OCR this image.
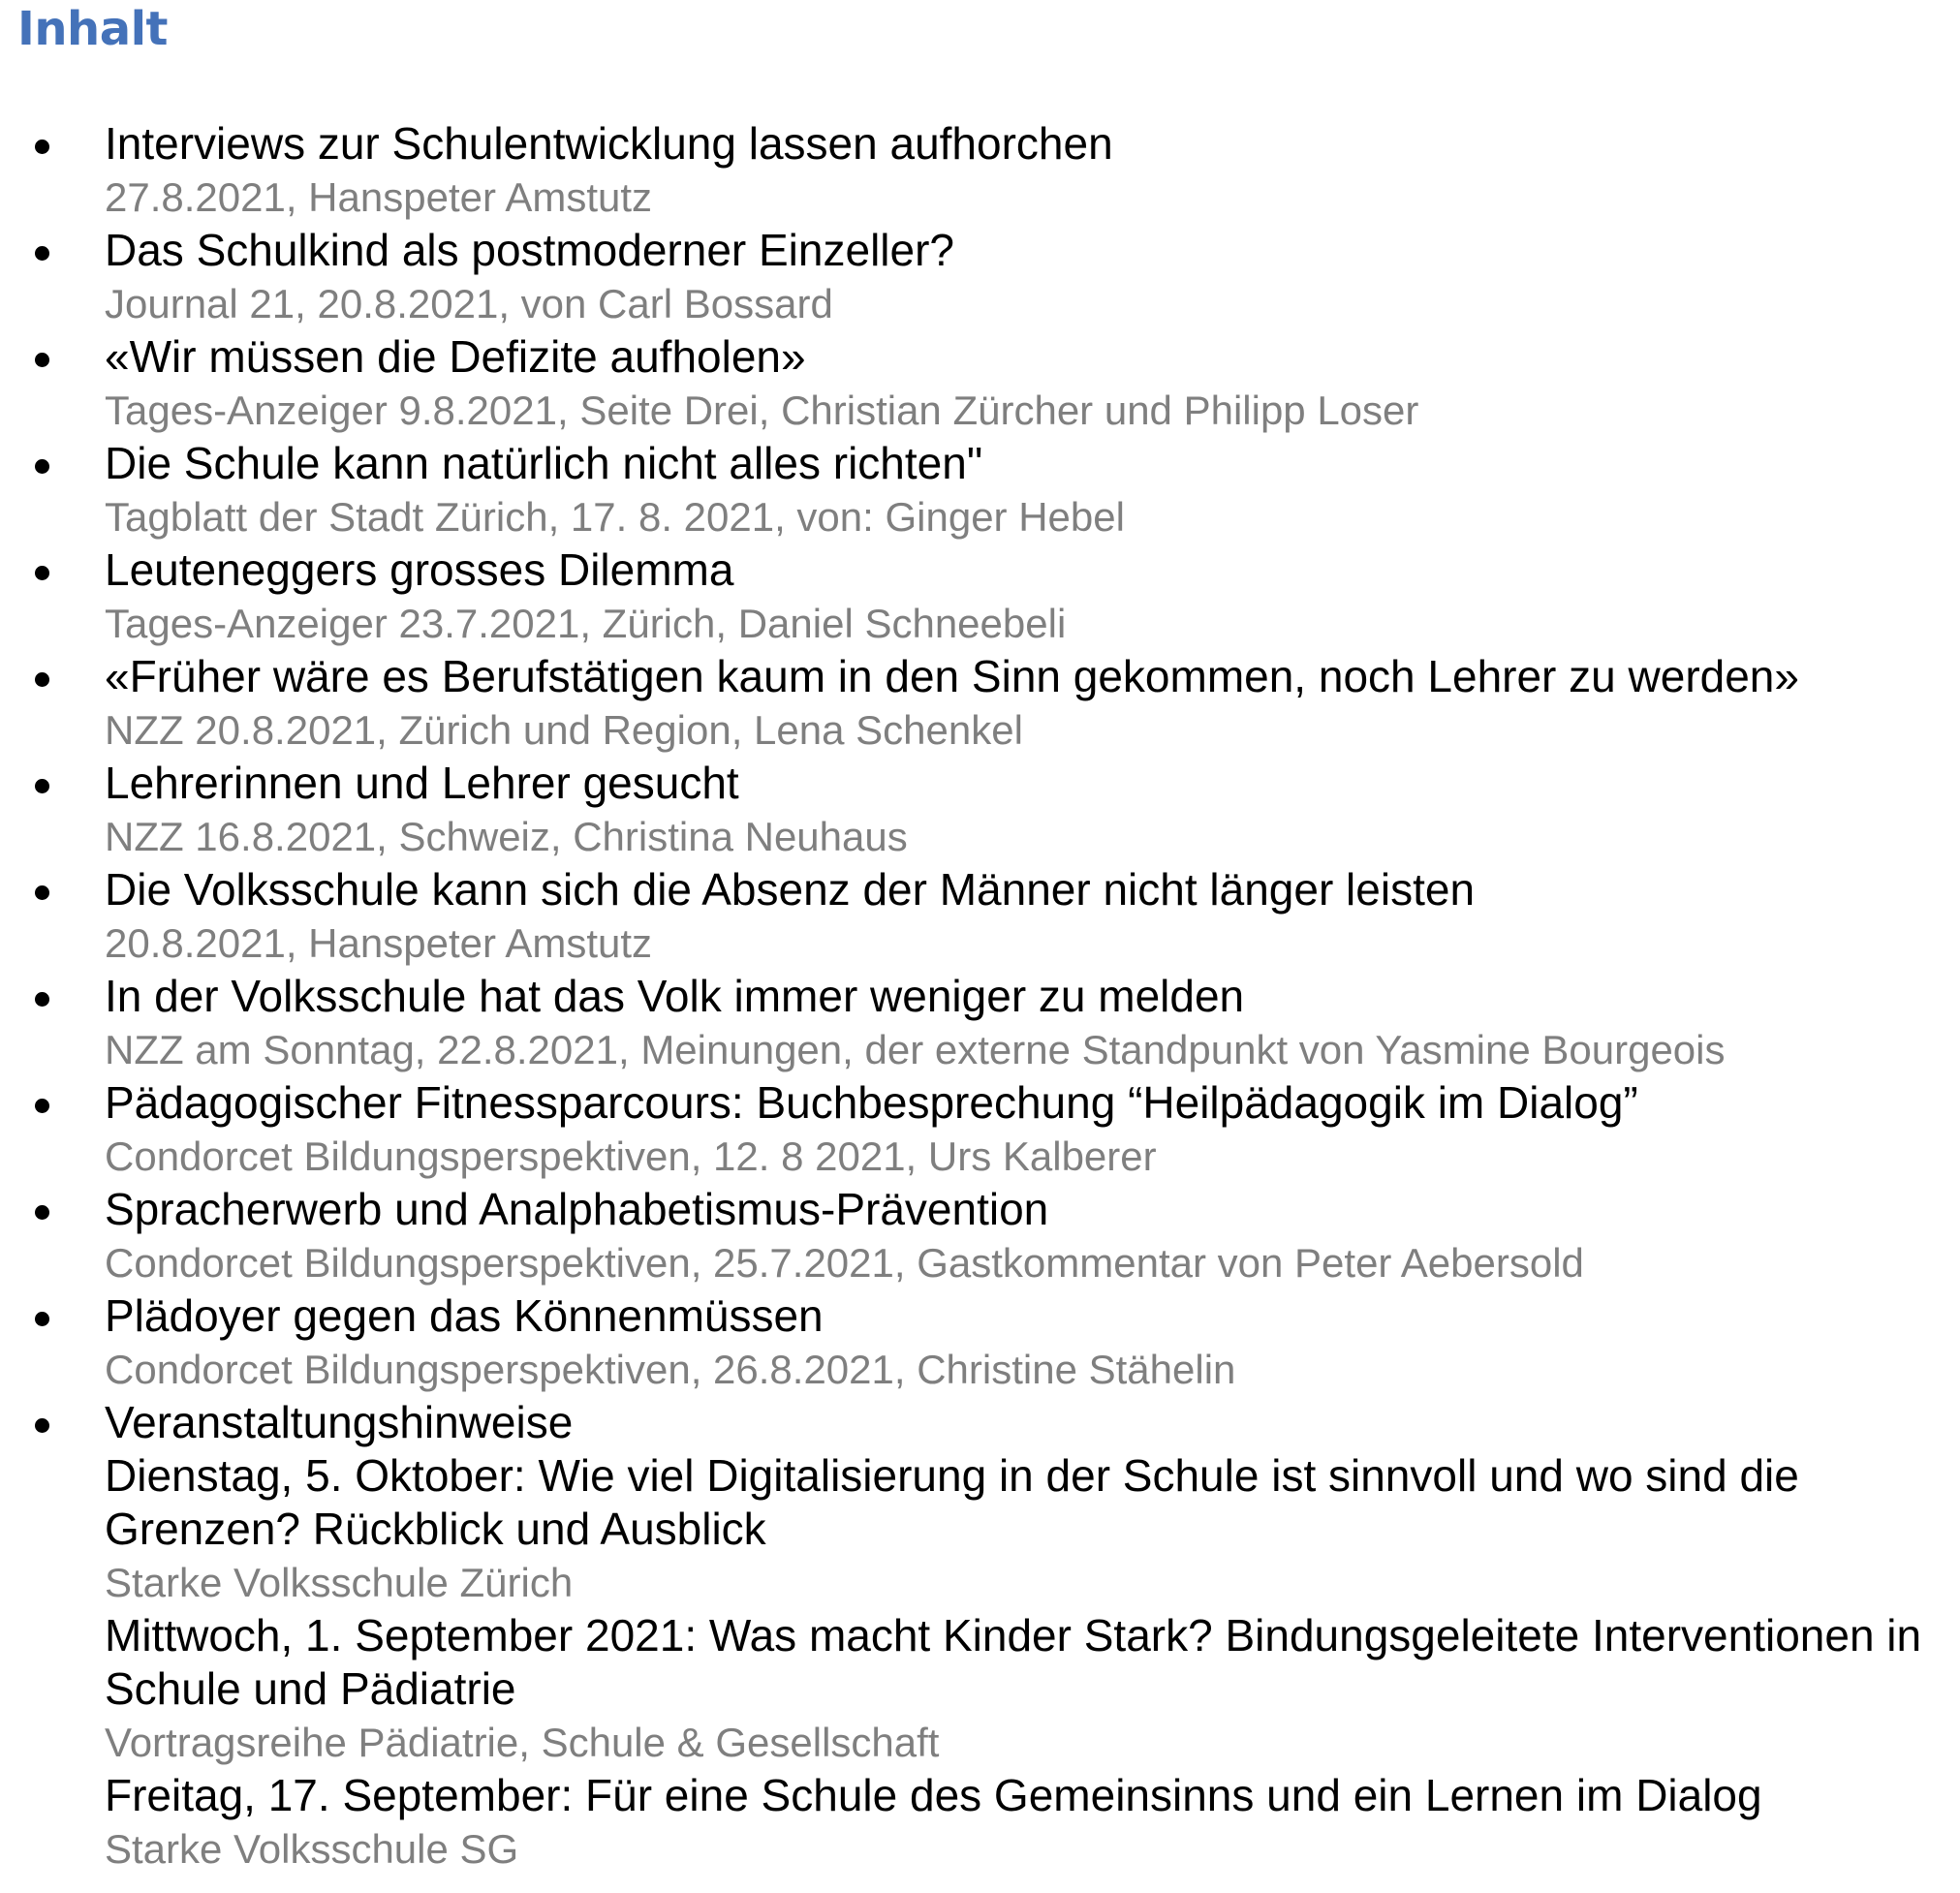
Inhalt
Interviews zur Schulentwicklung lassen aufhorchen
27.8.2021, Hanspeter Amstutz
Das Schulkind als postmoderner Einzeller?
Journal 21, 20.8.2021, von Carl Bossard
«Wir müssen die Defizite aufholen»
Tages-Anzeiger 9.8.2021, Seite Drei, Christian Zürcher und Philipp Loser
Die Schule kann natürlich nicht alles richten"
Tagblatt der Stadt Zürich, 17. 8. 2021, von: Ginger Hebel
Leuteneggers grosses Dilemma
Tages-Anzeiger 23.7.2021, Zürich, Daniel Schneebeli
«Früher wäre es Berufstätigen kaum in den Sinn gekommen, noch Lehrer zu werden»
NZZ 20.8.2021, Zürich und Region, Lena Schenkel
Lehrerinnen und Lehrer gesucht
NZZ 16.8.2021, Schweiz, Christina Neuhaus
Die Volksschule kann sich die Absenz der Männer nicht länger leisten
20.8.2021, Hanspeter Amstutz
In der Volksschule hat das Volk immer weniger zu melden
NZZ am Sonntag, 22.8.2021, Meinungen, der externe Standpunkt von Yasmine Bourgeois
Pädagogischer Fitnessparcours: Buchbesprechung “Heilpädagogik im Dialog”
Condorcet Bildungsperspektiven, 12. 8 2021, Urs Kalberer
Spracherwerb und Analphabetismus-Prävention
Condorcet Bildungsperspektiven, 25.7.2021, Gastkommentar von Peter Aebersold
Plädoyer gegen das Könnenmüssen
Condorcet Bildungsperspektiven, 26.8.2021, Christine Stähelin
Veranstaltungshinweise
Dienstag, 5. Oktober: Wie viel Digitalisierung in der Schule ist sinnvoll und wo sind die Grenzen? Rückblick und Ausblick
Starke Volksschule Zürich
Mittwoch, 1. September 2021: Was macht Kinder Stark? Bindungsgeleitete Interventionen in Schule und Pädiatrie
Vortragsreihe Pädiatrie, Schule & Gesellschaft
Freitag, 17. September: Für eine Schule des Gemeinsinns und ein Lernen im Dialog
Starke Volksschule SG
